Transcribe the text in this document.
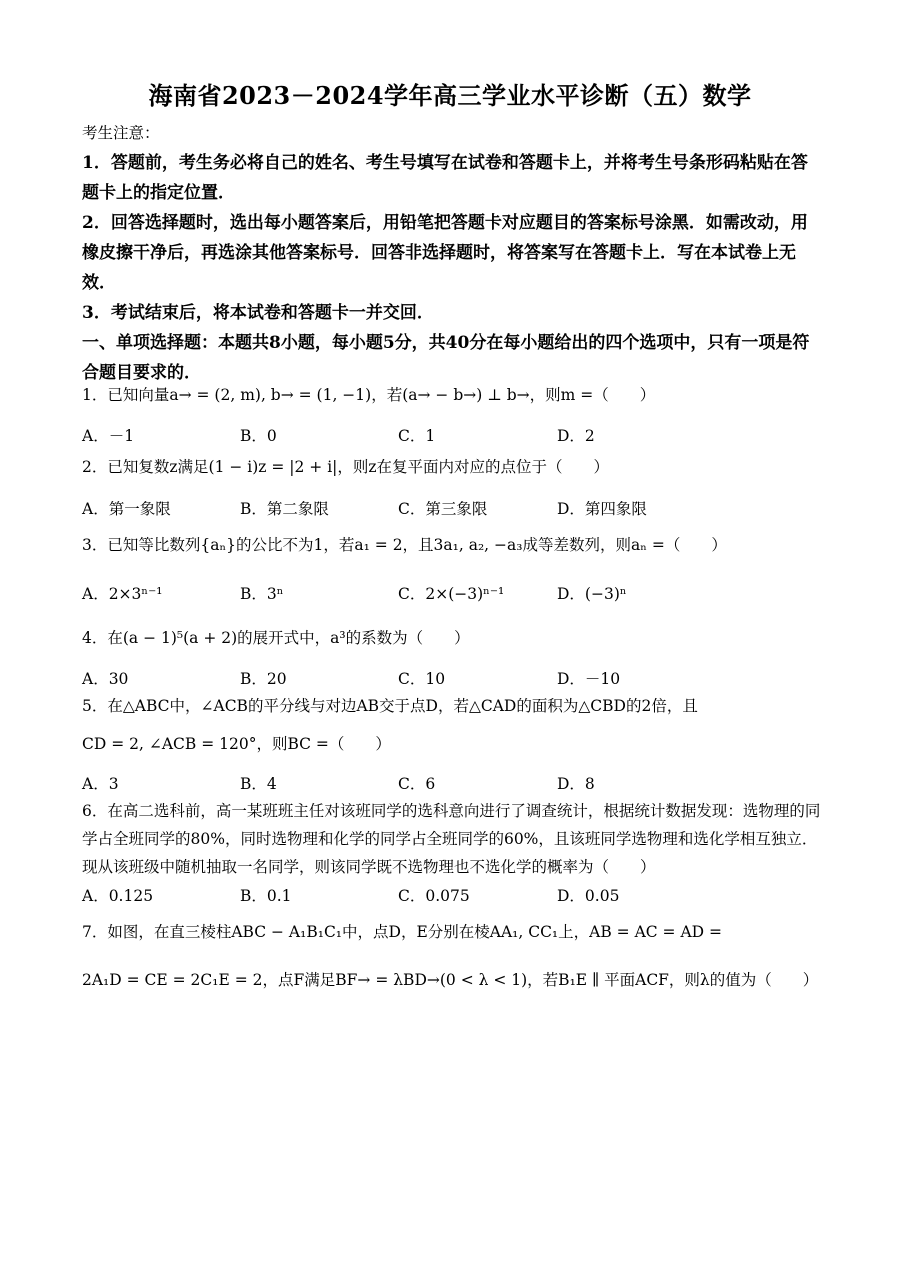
海南省2023－2024学年高三学业水平诊断（五）数学

考生注意：

1．答题前，考生务必将自己的姓名、考生号填写在试卷和答题卡上，并将考生号条形码粘贴在答题卡上的指定位置．

2．回答选择题时，选出每小题答案后，用铅笔把答题卡对应题目的答案标号涂黑．如需改动，用橡皮擦干净后，再选涂其他答案标号．回答非选择题时，将答案写在答题卡上．写在本试卷上无效．

3．考试结束后，将本试卷和答题卡一并交回．

一、单项选择题：本题共8小题，每小题5分，共40分在每小题给出的四个选项中，只有一项是符合题目要求的．

1．已知向量a→ = (2, m), b→ = (1, −1)，若(a→ − b→) ⊥ b→，则m =（　　）

A．－1	B．0	C．1	D．2

2．已知复数z满足(1 − i)z = |2 + i|，则z在复平面内对应的点位于（　　）

A．第一象限	B．第二象限	C．第三象限	D．第四象限

3．已知等比数列{aₙ}的公比不为1，若a₁ = 2，且3a₁, a₂, −a₃成等差数列，则aₙ =（　　）

A．2×3ⁿ⁻¹	B．3ⁿ	C．2×(−3)ⁿ⁻¹	D．(−3)ⁿ

4．在(a − 1)⁵(a + 2)的展开式中，a³的系数为（　　）

A．30	B．20	C．10	D．－10

5．在△ABC中，∠ACB的平分线与对边AB交于点D，若△CAD的面积为△CBD的2倍，且

CD = 2, ∠ACB = 120°，则BC =（　　）

A．3	B．4	C．6	D．8

6．在高二选科前，高一某班班主任对该班同学的选科意向进行了调查统计，根据统计数据发现：选物理的同学占全班同学的80%，同时选物理和化学的同学占全班同学的60%，且该班同学选物理和选化学相互独立．现从该班级中随机抽取一名同学，则该同学既不选物理也不选化学的概率为（　　）

A．0.125	B．0.1	C．0.075	D．0.05

7．如图，在直三棱柱ABC − A₁B₁C₁中，点D，E分别在棱AA₁, CC₁上，AB = AC = AD =

2A₁D = CE = 2C₁E = 2，点F满足BF→ = λBD→(0 < λ < 1)，若B₁E ∥ 平面ACF，则λ的值为（　　）
